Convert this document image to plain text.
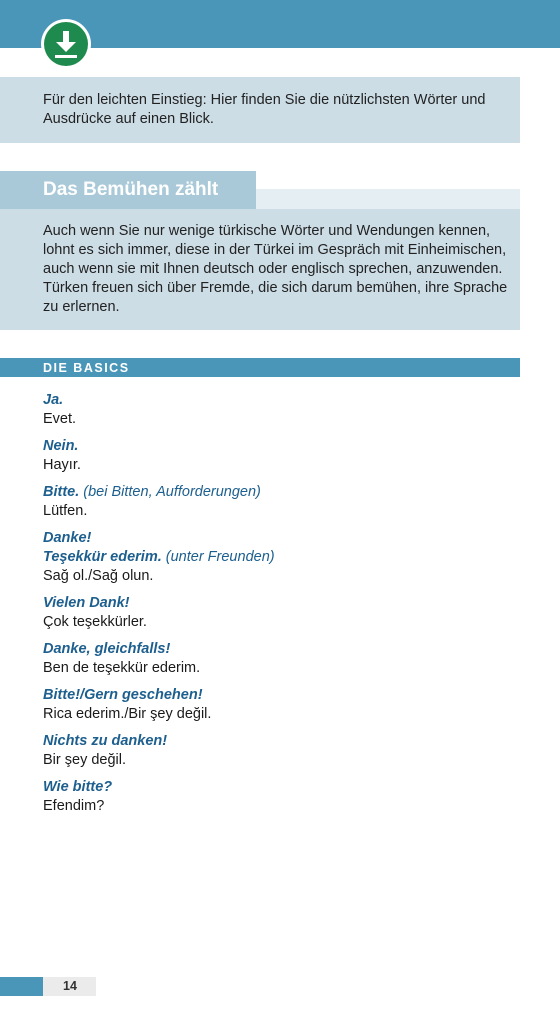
Für den leichten Einstieg: Hier finden Sie die nützlichsten Wörter und Ausdrücke auf einen Blick.
Das Bemühen zählt
Auch wenn Sie nur wenige türkische Wörter und Wendungen kennen, lohnt es sich immer, diese in der Türkei im Gespräch mit Einheimischen, auch wenn sie mit Ihnen deutsch oder englisch sprechen, anzuwenden. Türken freuen sich über Fremde, die sich darum bemühen, ihre Sprache zu erlernen.
DIE BASICS
Ja.
Evet.
Nein.
Hayır.
Bitte. (bei Bitten, Aufforderungen)
Lütfen.
Danke!
Teşekkür ederim. (unter Freunden)
Sağ ol./Sağ olun.
Vielen Dank!
Çok teşekkürler.
Danke, gleichfalls!
Ben de teşekkür ederim.
Bitte!/Gern geschehen!
Rica ederim./Bir şey değil.
Nichts zu danken!
Bir şey değil.
Wie bitte?
Efendim?
14
